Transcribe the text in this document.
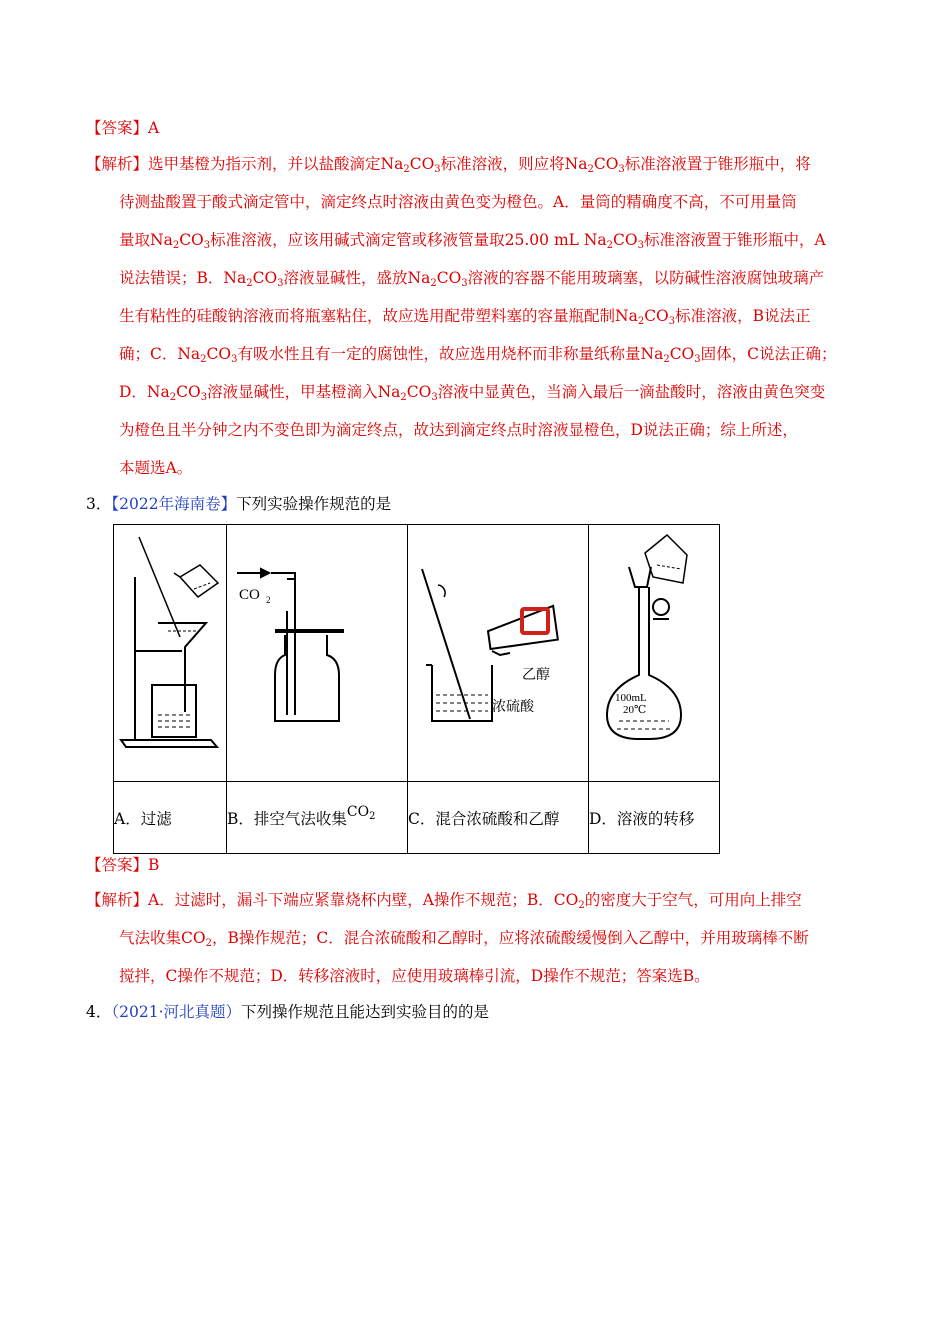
【答案】A
【解析】选甲基橙为指示剂，并以盐酸滴定$Na_2CO_3$标准溶液，则应将$Na_2CO_3$标准溶液置于锥形瓶中，将
待测盐酸置于酸式滴定管中，滴定终点时溶液由黄色变为橙色。A．量筒的精确度不高，不可用量筒
量取$Na_2CO_3$标准溶液，应该用碱式滴定管或移液管量取25.00 mL $Na_2CO_3$标准溶液置于锥形瓶中，A
说法错误；B．$Na_2CO_3$溶液显碱性，盛放$Na_2CO_3$溶液的容器不能用玻璃塞，以防碱性溶液腐蚀玻璃产
生有粘性的硅酸钠溶液而将瓶塞粘住，故应选用配带塑料塞的容量瓶配制$Na_2CO_3$标准溶液，B说法正
确；C．$Na_2CO_3$有吸水性且有一定的腐蚀性，故应选用烧杯而非称量纸称量$Na_2CO_3$固体，C说法正确；
D．$Na_2CO_3$溶液显碱性，甲基橙滴入$Na_2CO_3$溶液中显黄色，当滴入最后一滴盐酸时，溶液由黄色突变
为橙色且半分钟之内不变色即为滴定终点，故达到滴定终点时溶液显橙色，D说法正确；综上所述，
本题选A。
3．【2022年海南卷】下列实验操作规范的是

CO 2	乙醇
浓硫酸	100mL
20℃

A．过滤	B．排空气法收集$CO_2$	C．混合浓硫酸和乙醇	D．溶液的转移
【答案】B
【解析】A．过滤时，漏斗下端应紧靠烧杯内壁，A操作不规范；B．$CO_2$的密度大于空气，可用向上排空
气法收集$CO_2$，B操作规范；C．混合浓硫酸和乙醇时，应将浓硫酸缓慢倒入乙醇中，并用玻璃棒不断
搅拌，C操作不规范；D．转移溶液时，应使用玻璃棒引流，D操作不规范；答案选B。
4．（2021·河北真题）下列操作规范且能达到实验目的的是
